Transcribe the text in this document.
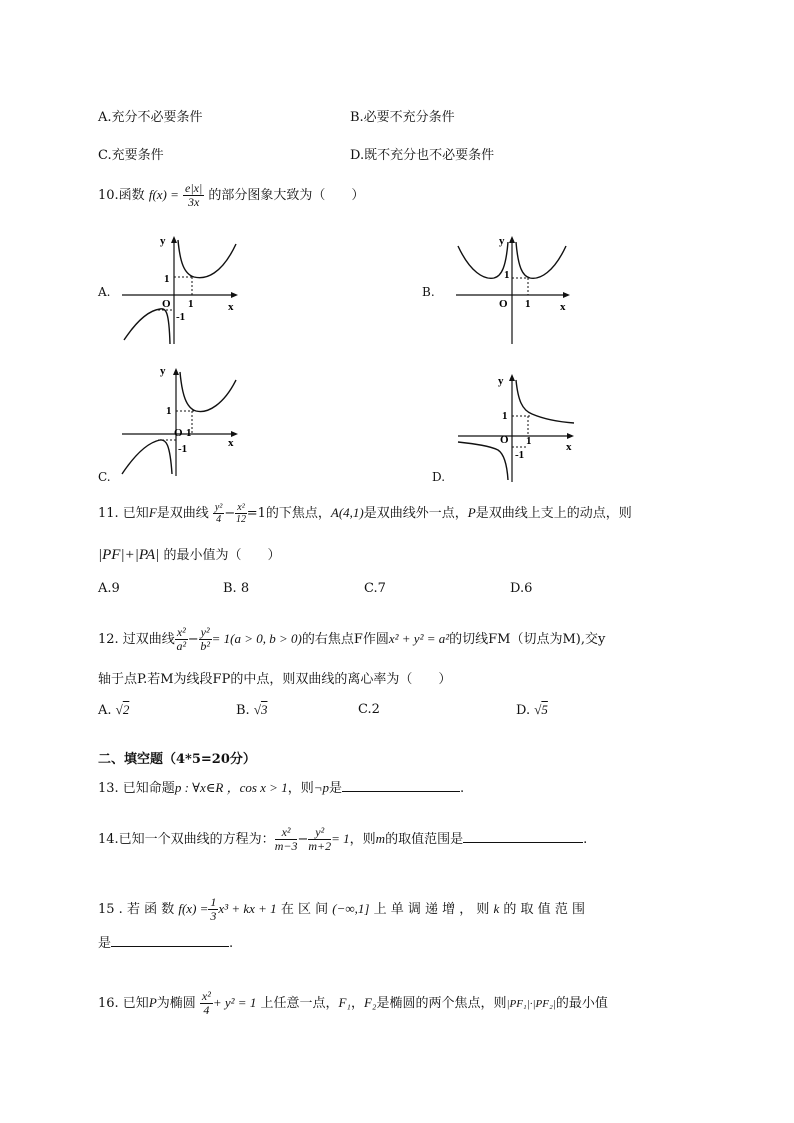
A.充分不必要条件	B.必要不充分条件
C.充要条件	D.既不充分也不必要条件
10.函数 $f(x) = \frac{e|x|}{3x}$ 的部分图象大致为（　　）
A.	B.
C.	D.
y
x
O
1
1
-1
y
x
O
1
1
y
x
O
1
1
-1
y
x
O
1
1
-1
11. 已知F是双曲线 $\frac{\text{y²}}{4} - \frac{\text{x²}}{12} =1$的下焦点，A(4,1)是双曲线外一点，P是双曲线上支上的动点，则
|PF|+|PA| 的最小值为（　　）
A.9	B. 8	C.7	D.6
12. 过双曲线 $\frac{\text{x²}}{\text{a²}} - \frac{\text{y²}}{\text{b²}} = 1(a > 0$, b > 0)的右焦点F作圆x² + y² = a²的切线FM（切点为M),交y
轴于点P.若M为线段FP的中点，则双曲线的离心率为（　　）
A. √2	B. √3	C.2	D. √5
二、填空题（4*5=20分）
13. 已知命题p : ∀x∈R ，cos x > 1，则¬p是	.
14.已知一个双曲线的方程为： $\frac{\text{x²}}{m-3} - \frac{\text{y²}}{m+2} = 1$，则m的取值范围是	.
15 . 若 函 数 $f(x) = \frac{1}{3} x^3$ + kx + 1 在 区 间 (−∞,1] 上 单 调 递 增 ， 则 k 的 取 值 范 围
是	.
16. 已知P为椭圆 $\frac{\text{x²}}{4} + y^2 = 1$ 上任意一点，F₁，F₂是椭圆的两个焦点，则|PF₁|·|PF₂|的最小值
